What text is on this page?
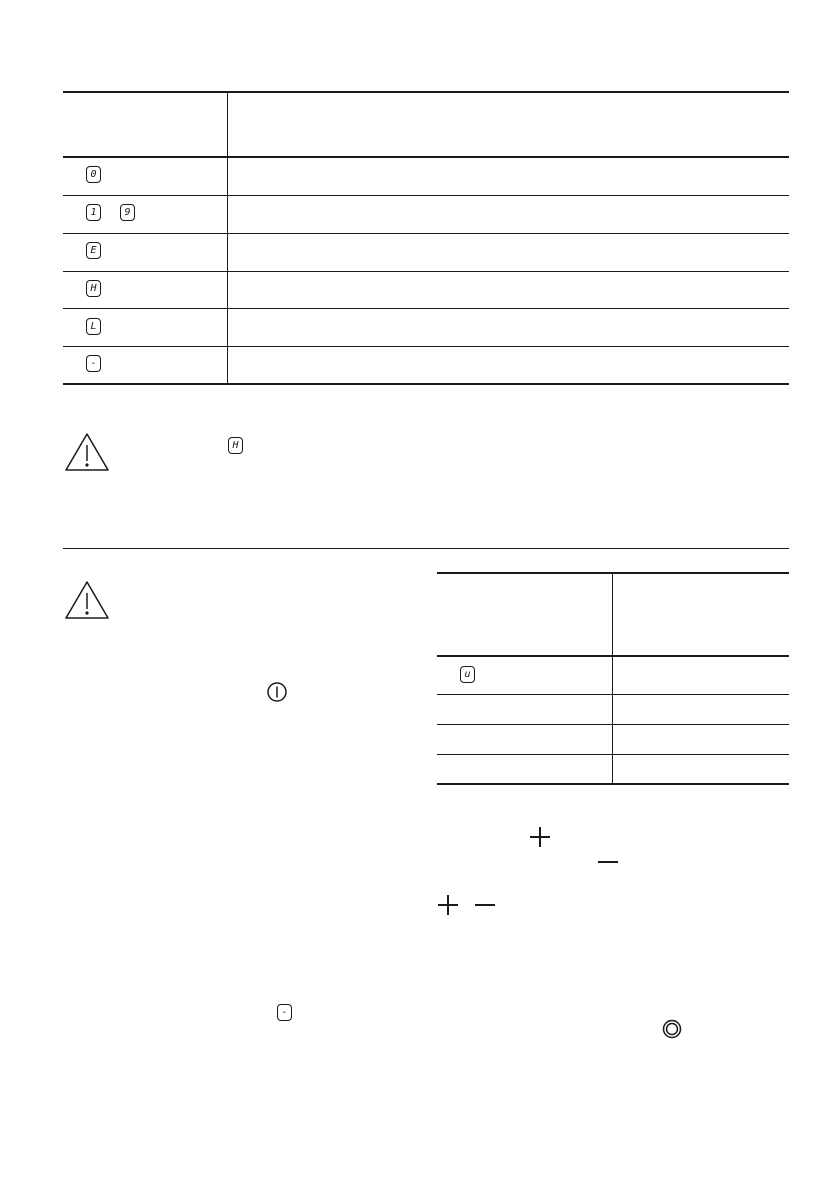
0
1	9
E
H
L
-
H
-
u
